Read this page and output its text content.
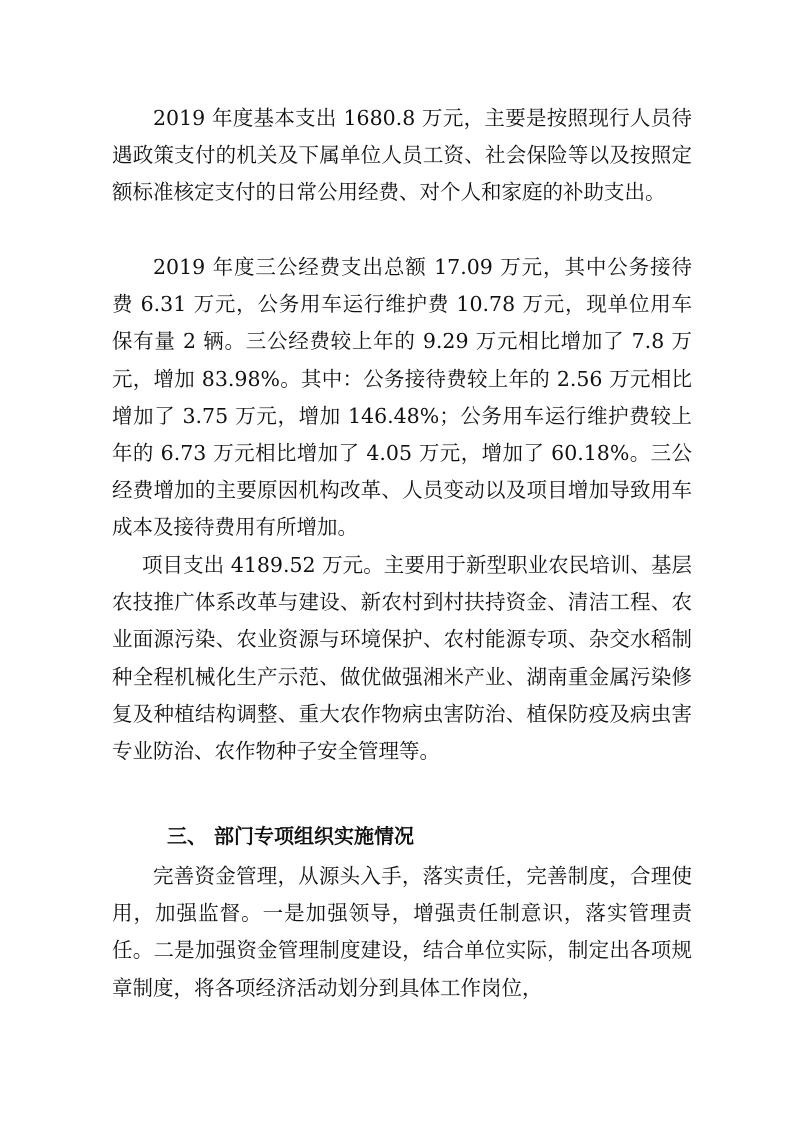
2019 年度基本支出 1680.8 万元，主要是按照现行人员待遇政策支付的机关及下属单位人员工资、社会保险等以及按照定额标准核定支付的日常公用经费、对个人和家庭的补助支出。

2019 年度三公经费支出总额 17.09 万元，其中公务接待费 6.31 万元，公务用车运行维护费 10.78 万元，现单位用车保有量 2 辆。三公经费较上年的 9.29 万元相比增加了 7.8 万元，增加 83.98%。其中：公务接待费较上年的 2.56 万元相比增加了 3.75 万元，增加 146.48%；公务用车运行维护费较上年的 6.73 万元相比增加了 4.05 万元，增加了 60.18%。三公经费增加的主要原因机构改革、人员变动以及项目增加导致用车成本及接待费用有所增加。

项目支出 4189.52 万元。主要用于新型职业农民培训、基层农技推广体系改革与建设、新农村到村扶持资金、清洁工程、农业面源污染、农业资源与环境保护、农村能源专项、杂交水稻制种全程机械化生产示范、做优做强湘米产业、湖南重金属污染修复及种植结构调整、重大农作物病虫害防治、植保防疫及病虫害专业防治、农作物种子安全管理等。

三、 部门专项组织实施情况

完善资金管理，从源头入手，落实责任，完善制度，合理使用，加强监督。一是加强领导，增强责任制意识，落实管理责任。二是加强资金管理制度建设，结合单位实际，制定出各项规章制度，将各项经济活动划分到具体工作岗位，
